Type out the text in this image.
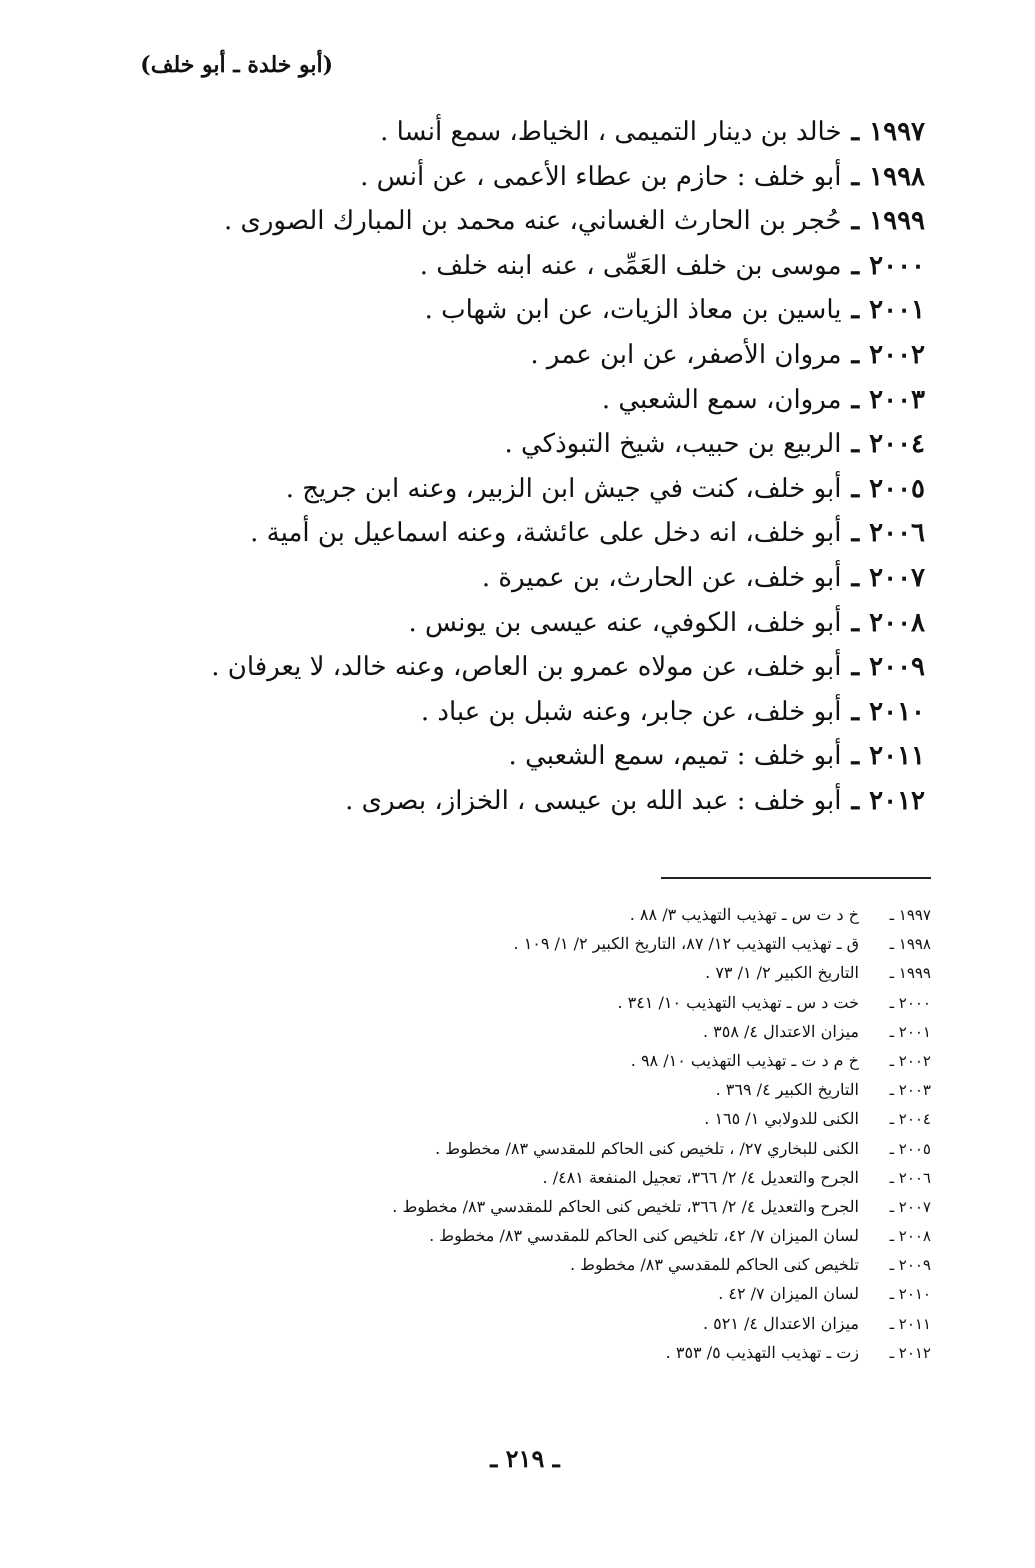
(أبو خلدة ـ أبو خلف)
١٩٩٧
ـ
خالد بن دينار التميمى ، الخياط، سمع أنسا .
١٩٩٨
ـ
أبو خلف : حازم بن عطاء الأعمى ، عن أنس .
١٩٩٩
ـ
حُجر بن الحارث الغساني، عنه محمد بن المبارك الصورى .
٢٠٠٠
ـ
موسى بن خلف العَمِّى ، عنه ابنه خلف .
٢٠٠١
ـ
ياسين بن معاذ الزيات، عن ابن شهاب .
٢٠٠٢
ـ
مروان الأصفر، عن ابن عمر .
٢٠٠٣
ـ
مروان، سمع الشعبي .
٢٠٠٤
ـ
الربيع بن حبيب، شيخ التبوذكي .
٢٠٠٥
ـ
أبو خلف، كنت في جيش ابن الزبير، وعنه ابن جريج .
٢٠٠٦
ـ
أبو خلف، انه دخل على عائشة، وعنه اسماعيل بن أمية .
٢٠٠٧
ـ
أبو خلف، عن الحارث، بن عميرة .
٢٠٠٨
ـ
أبو خلف، الكوفي، عنه عيسى بن يونس .
٢٠٠٩
ـ
أبو خلف، عن مولاه عمرو بن العاص، وعنه خالد، لا يعرفان .
٢٠١٠
ـ
أبو خلف، عن جابر، وعنه شبل بن عباد .
٢٠١١
ـ
أبو خلف : تميم، سمع الشعبي .
٢٠١٢
ـ
أبو خلف : عبد الله بن عيسى ، الخزاز، بصرى .
١٩٩٧ ـ
خ د ت س ـ تهذيب التهذيب ٣/ ٨٨ .
١٩٩٨ ـ
ق ـ تهذيب التهذيب ١٢/ ٨٧، التاريخ الكبير ٢/ ١/ ١٠٩ .
١٩٩٩ ـ
التاريخ الكبير ٢/ ١/ ٧٣ .
٢٠٠٠ ـ
خت د س ـ تهذيب التهذيب ١٠/ ٣٤١ .
٢٠٠١ ـ
ميزان الاعتدال ٤/ ٣٥٨ .
٢٠٠٢ ـ
خ م د ت ـ تهذيب التهذيب ١٠/ ٩٨ .
٢٠٠٣ ـ
التاريخ الكبير ٤/ ٣٦٩ .
٢٠٠٤ ـ
الكنى للدولابي ١/ ١٦٥ .
٢٠٠٥ ـ
الكنى للبخاري ٢٧/ ، تلخيص كنى الحاكم للمقدسي ٨٣/ مخطوط .
٢٠٠٦ ـ
الجرح والتعديل ٤/ ٢/ ٣٦٦، تعجيل المنفعة ٤٨١/ .
٢٠٠٧ ـ
الجرح والتعديل ٤/ ٢/ ٣٦٦، تلخيص كنى الحاكم للمقدسي ٨٣/ مخطوط .
٢٠٠٨ ـ
لسان الميزان ٧/ ٤٢، تلخيص كنى الحاكم للمقدسي ٨٣/ مخطوط .
٢٠٠٩ ـ
تلخيص كنى الحاكم للمقدسي ٨٣/ مخطوط .
٢٠١٠ ـ
لسان الميزان ٧/ ٤٢ .
٢٠١١ ـ
ميزان الاعتدال ٤/ ٥٢١ .
٢٠١٢ ـ
زت ـ تهذيب التهذيب ٥/ ٣٥٣ .
ـ ٢١٩ ـ
